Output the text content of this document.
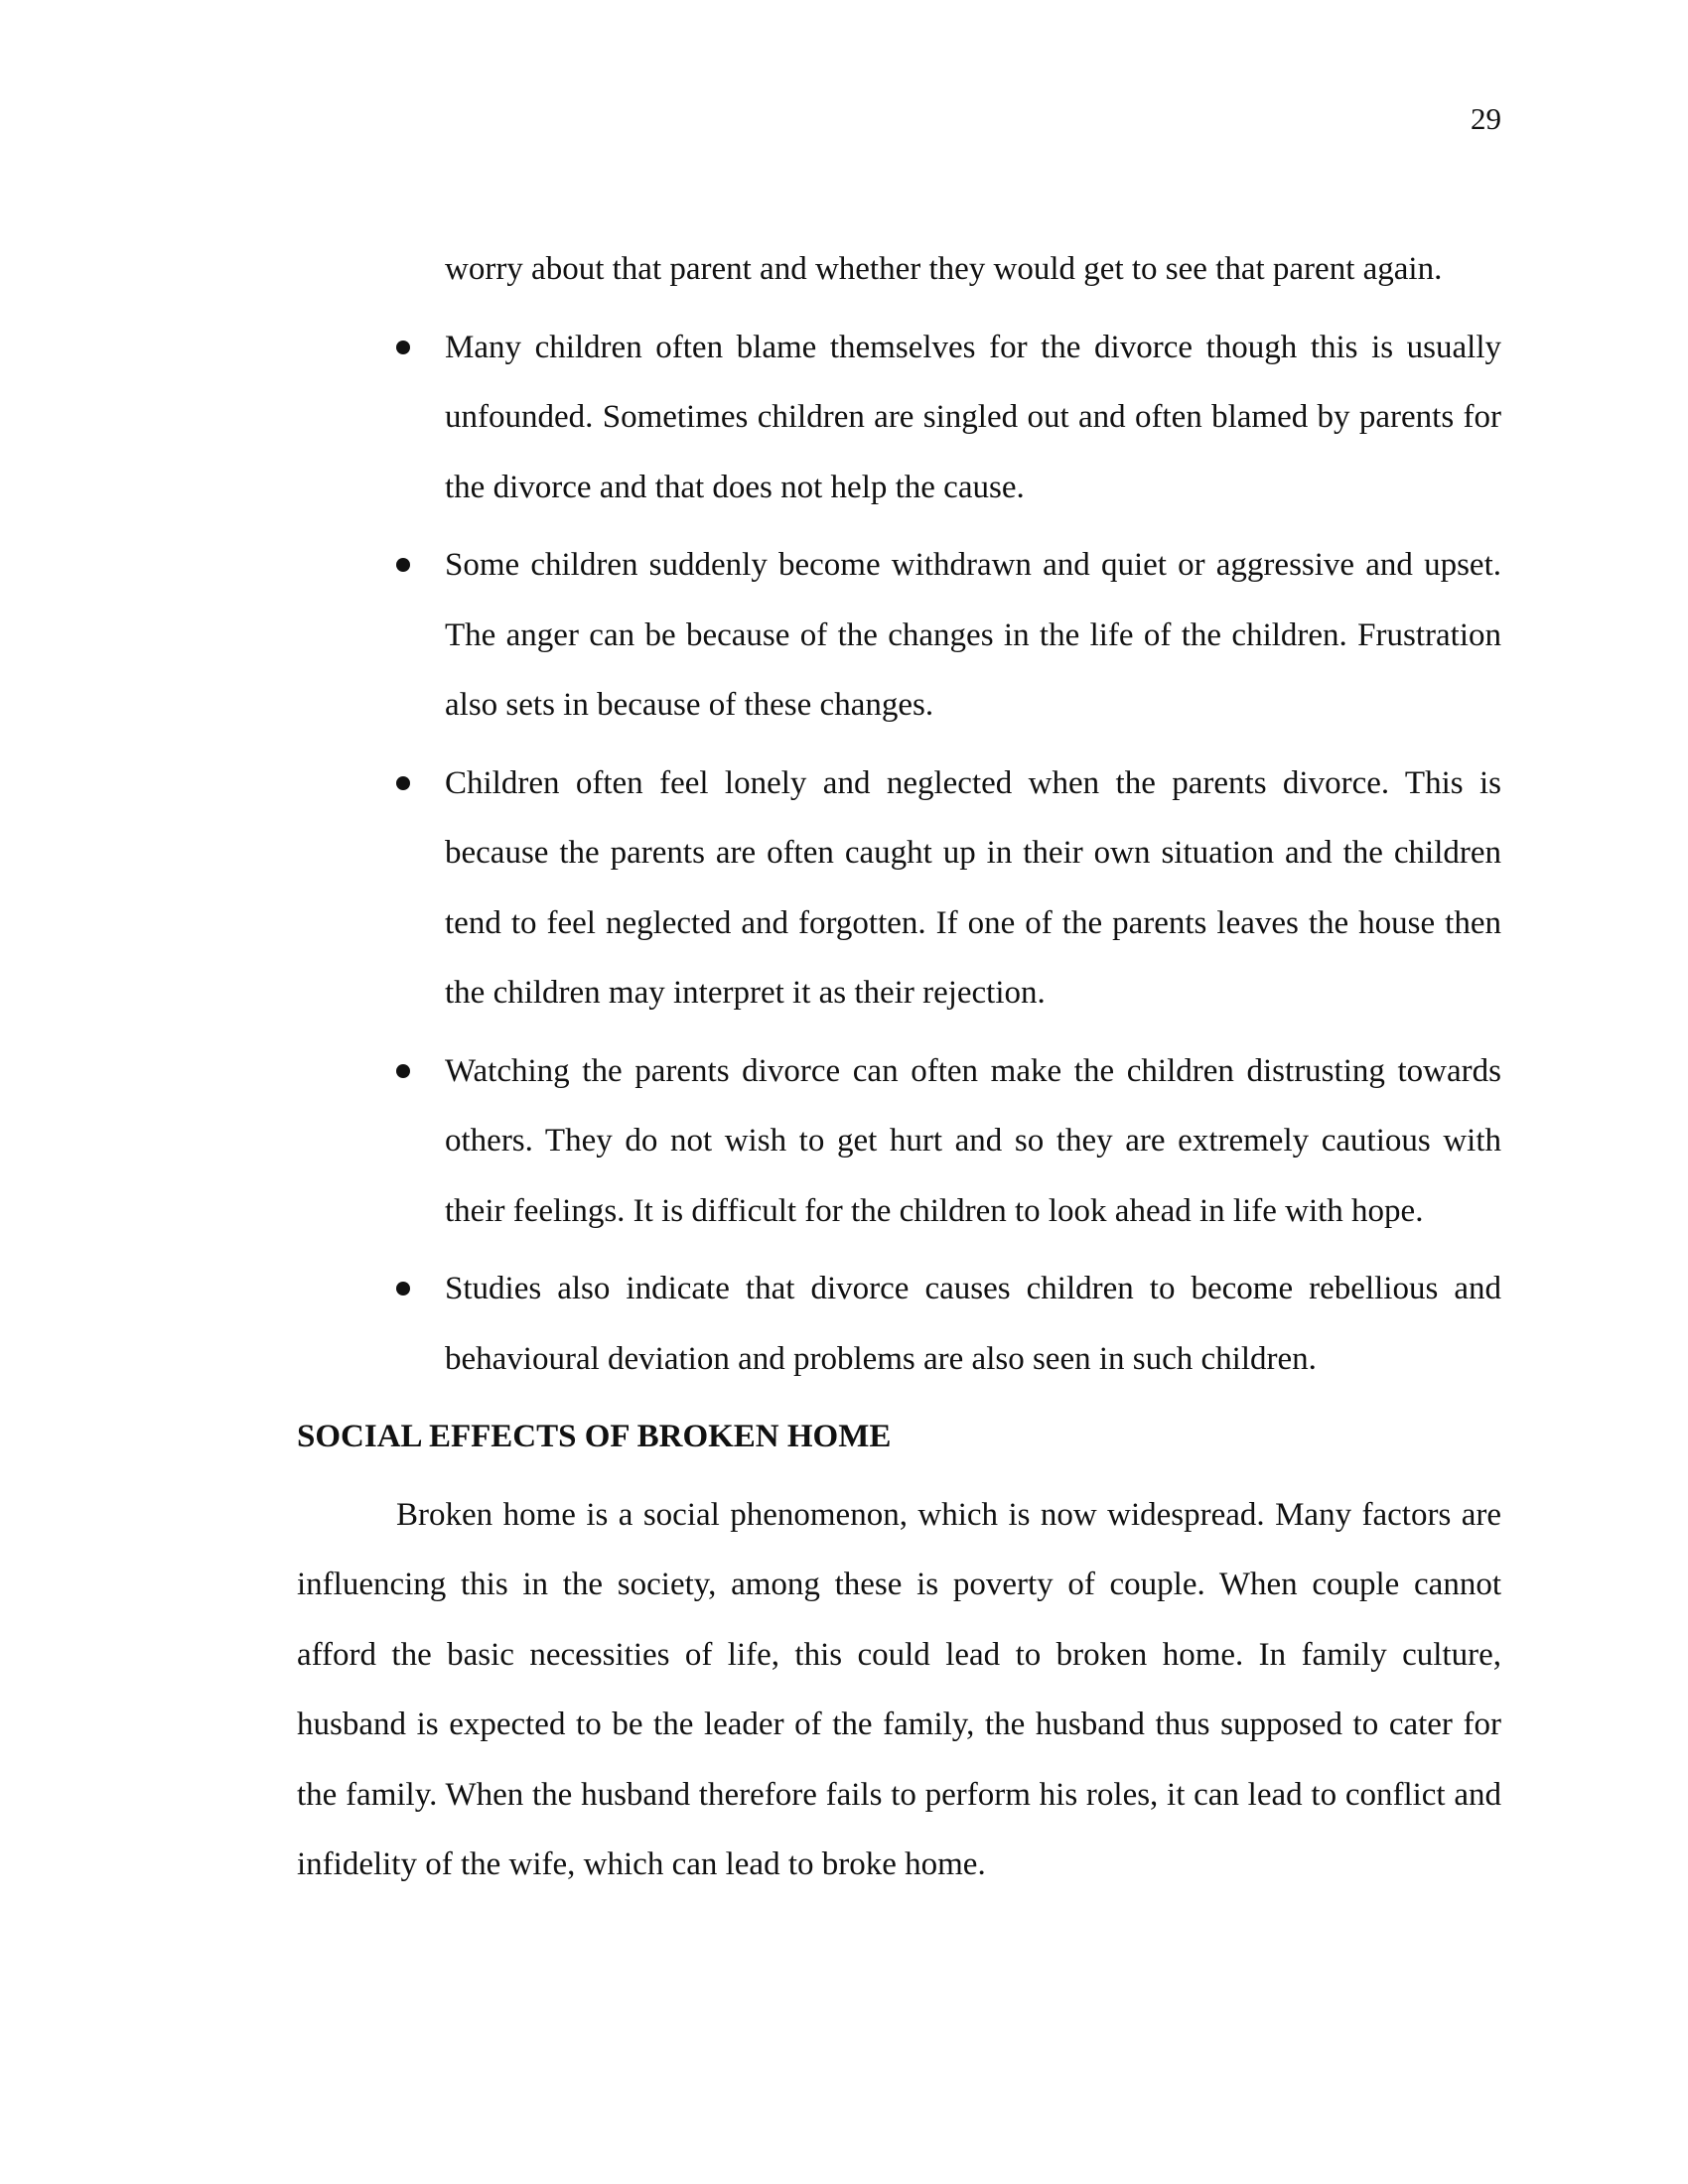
29
worry about that parent and whether they would get to see that parent again.
Many children often blame themselves for the divorce though this is usually unfounded. Sometimes children are singled out and often blamed by parents for the divorce and that does not help the cause.
Some children suddenly become withdrawn and quiet or aggressive and upset. The anger can be because of the changes in the life of the children. Frustration also sets in because of these changes.
Children often feel lonely and neglected when the parents divorce. This is because the parents are often caught up in their own situation and the children tend to feel neglected and forgotten. If one of the parents leaves the house then the children may interpret it as their rejection.
Watching the parents divorce can often make the children distrusting towards others. They do not wish to get hurt and so they are extremely cautious with their feelings. It is difficult for the children to look ahead in life with hope.
Studies also indicate that divorce causes children to become rebellious and behavioural deviation and problems are also seen in such children.
SOCIAL EFFECTS OF BROKEN HOME

Broken home is a social phenomenon, which is now widespread. Many factors are influencing this in the society, among these is poverty of couple. When couple cannot afford the basic necessities of life, this could lead to broken home. In family culture, husband is expected to be the leader of the family, the husband thus supposed to cater for the family. When the husband therefore fails to perform his roles, it can lead to conflict and infidelity of the wife, which can lead to broke home.
